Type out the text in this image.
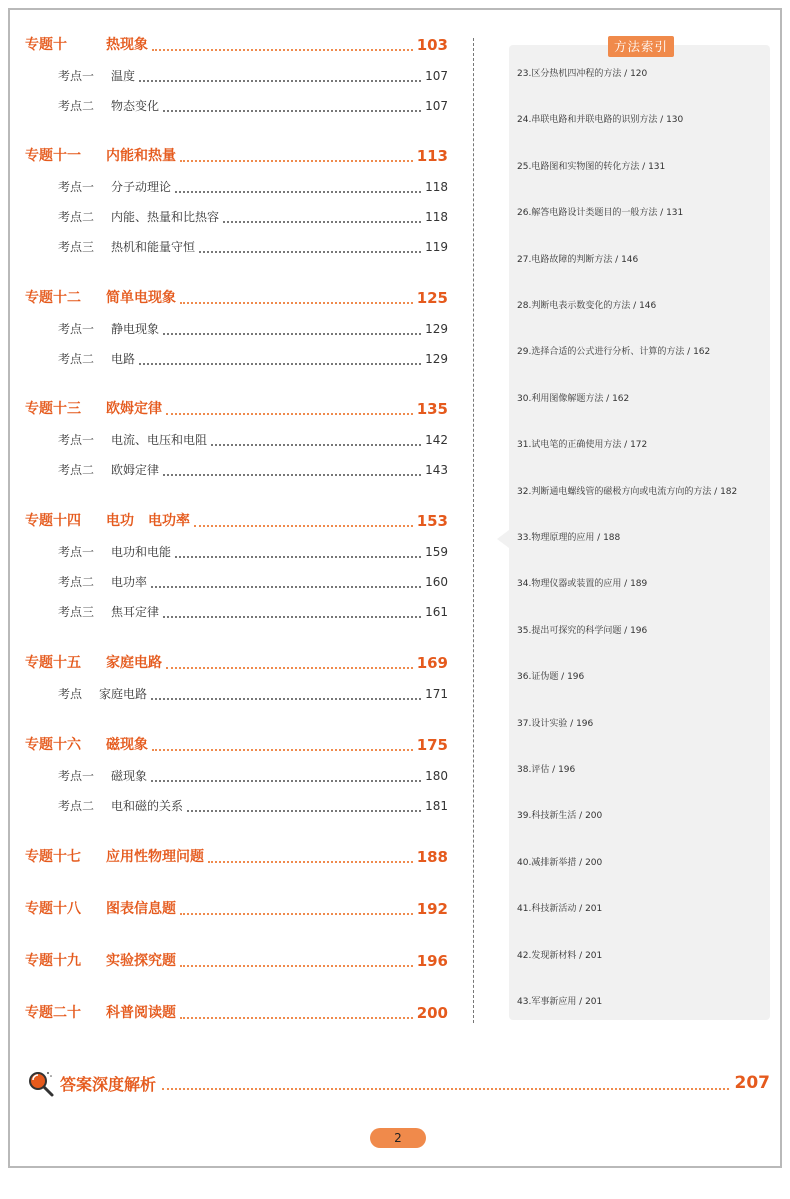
专题十	热现象	103
考点一	温度	107
考点二	物态变化	107
专题十一	内能和热量	113
考点一	分子动理论	118
考点二	内能、热量和比热容	118
考点三	热机和能量守恒	119
专题十二	简单电现象	125
考点一	静电现象	129
考点二	电路	129
专题十三	欧姆定律	135
考点一	电流、电压和电阻	142
考点二	欧姆定律	143
专题十四	电功　电功率	153
考点一	电功和电能	159
考点二	电功率	160
考点三	焦耳定律	161
专题十五	家庭电路	169
考点	家庭电路	171
专题十六	磁现象	175
考点一	磁现象	180
考点二	电和磁的关系	181
专题十七	应用性物理问题	188
专题十八	图表信息题	192
专题十九	实验探究题	196
专题二十	科普阅读题	200
方法索引
23.区分热机四冲程的方法 / 120
24.串联电路和并联电路的识别方法 / 130
25.电路图和实物图的转化方法 / 131
26.解答电路设计类题目的一般方法 / 131
27.电路故障的判断方法 / 146
28.判断电表示数变化的方法 / 146
29.选择合适的公式进行分析、计算的方法 / 162
30.利用图像解题方法 / 162
31.试电笔的正确使用方法 / 172
32.判断通电螺线管的磁极方向或电流方向的方法 / 182
33.物理原理的应用 / 188
34.物理仪器或装置的应用 / 189
35.提出可探究的科学问题 / 196
36.证伪题 / 196
37.设计实验 / 196
38.评估 / 196
39.科技新生活 / 200
40.减排新举措 / 200
41.科技新活动 / 201
42.发现新材料 / 201
43.军事新应用 / 201
答案深度解析	207
2
